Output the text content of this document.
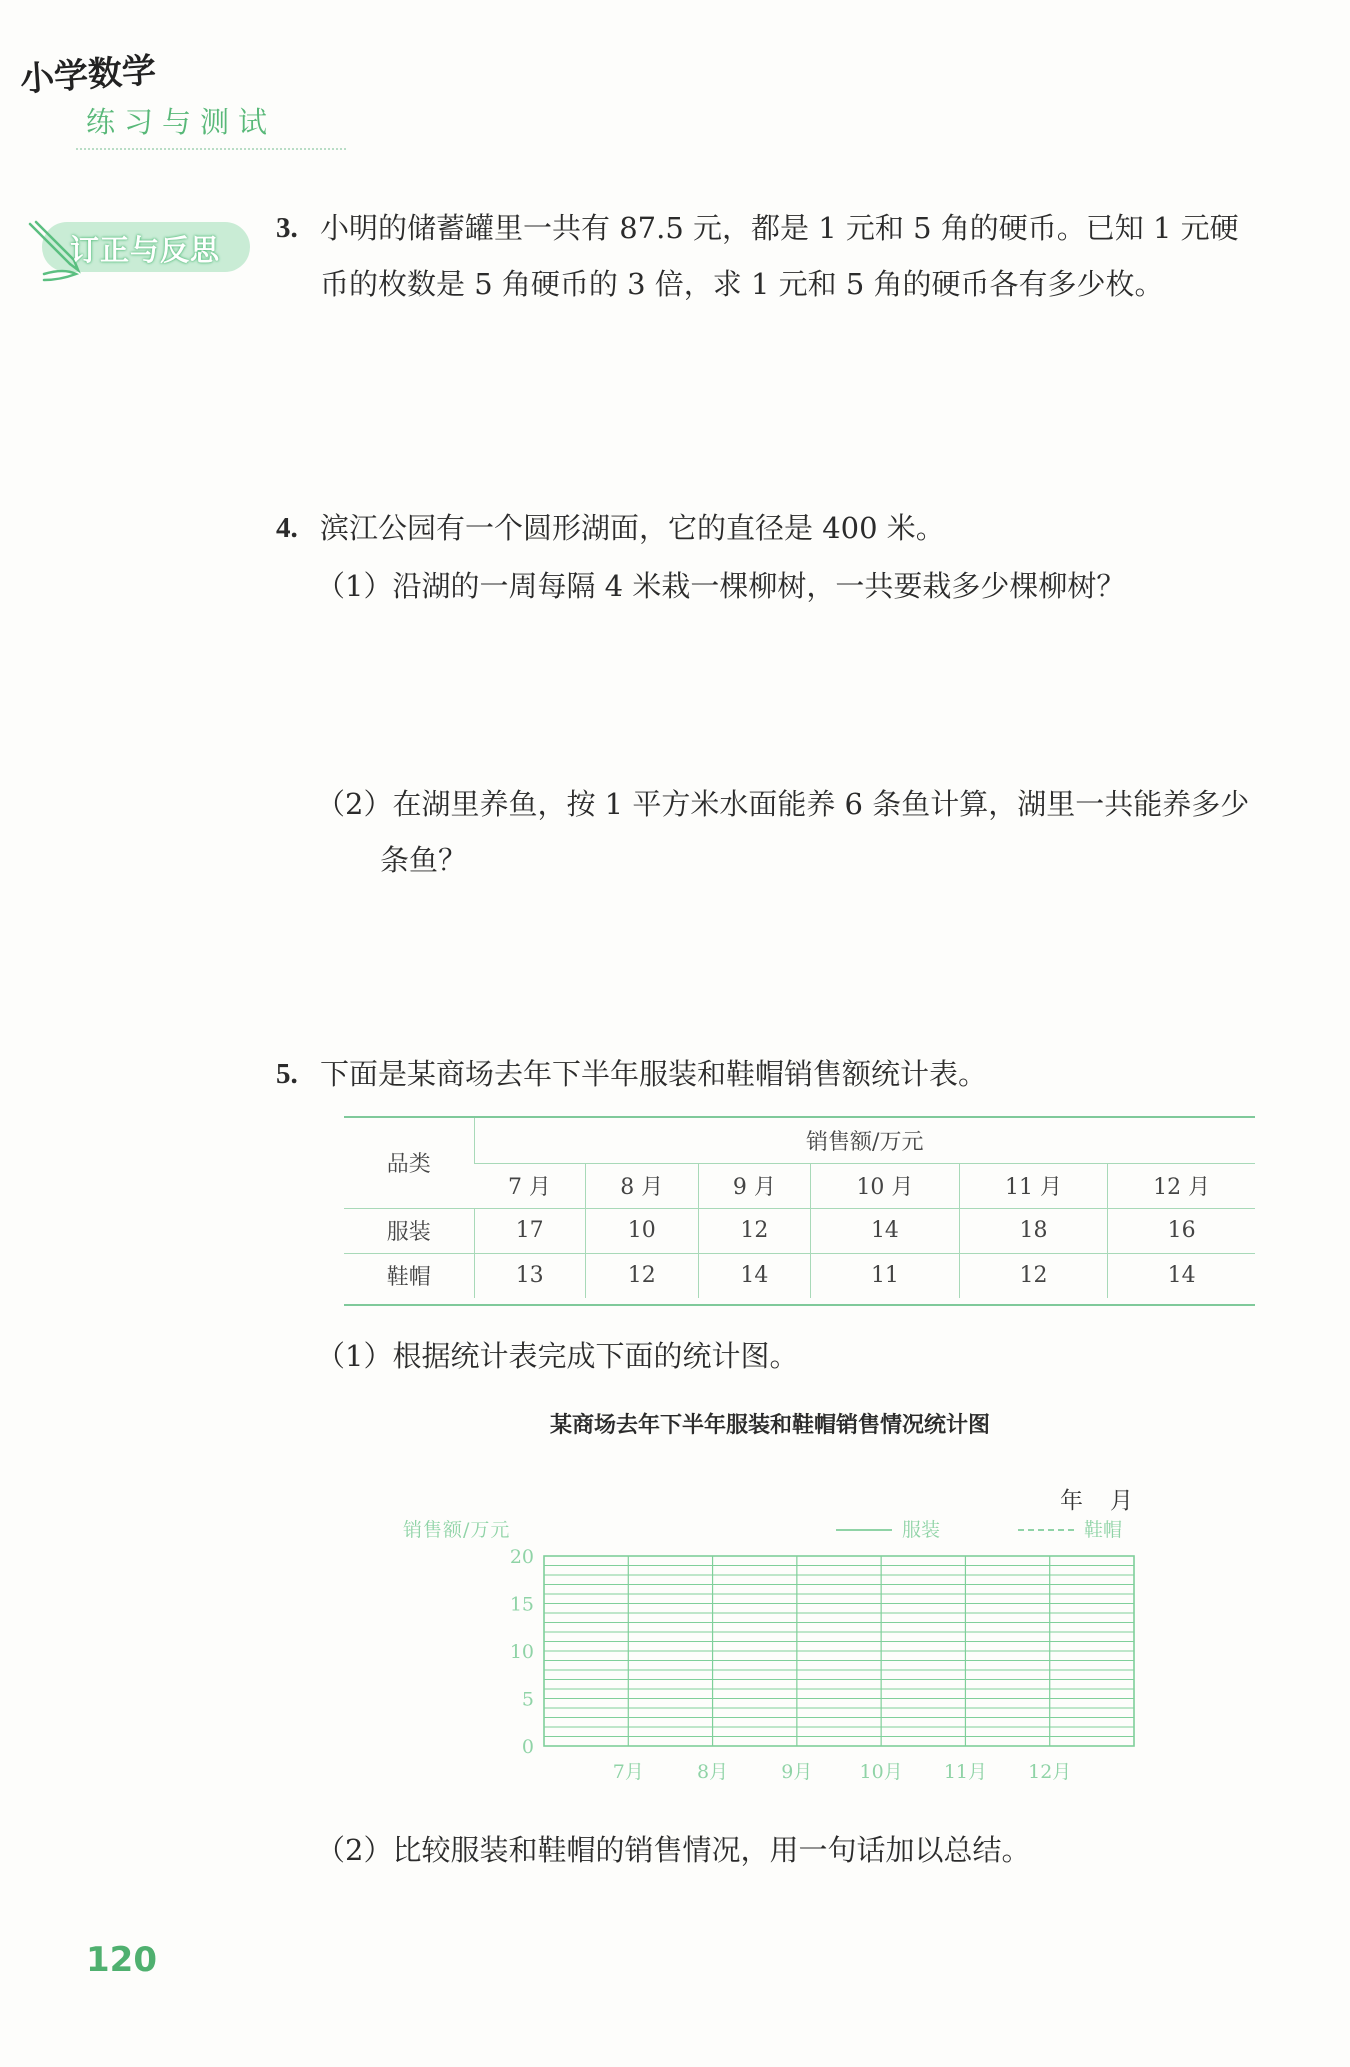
小学数学
练习与测试
订正与反思
3. 小明的储蓄罐里一共有 87.5 元，都是 1 元和 5 角的硬币。已知 1 元硬
币的枚数是 5 角硬币的 3 倍，求 1 元和 5 角的硬币各有多少枚。
4. 滨江公园有一个圆形湖面，它的直径是 400 米。
（1）沿湖的一周每隔 4 米栽一棵柳树，一共要栽多少棵柳树？
（2）在湖里养鱼，按 1 平方米水面能养 6 条鱼计算，湖里一共能养多少
条鱼？
5. 下面是某商场去年下半年服装和鞋帽销售额统计表。
品类	销售额/万元					
	7 月	8 月	9 月	10 月	11 月	12 月
服装	17	10	12	14	18	16
鞋帽	13	12	14	11	12	14
（1）根据统计表完成下面的统计图。
某商场去年下半年服装和鞋帽销售情况统计图
年　月
销售额/万元	服装	鞋帽
20
15
10
5
0
7月	8月	9月 10月 11月 12月
（2）比较服装和鞋帽的销售情况，用一句话加以总结。
120
